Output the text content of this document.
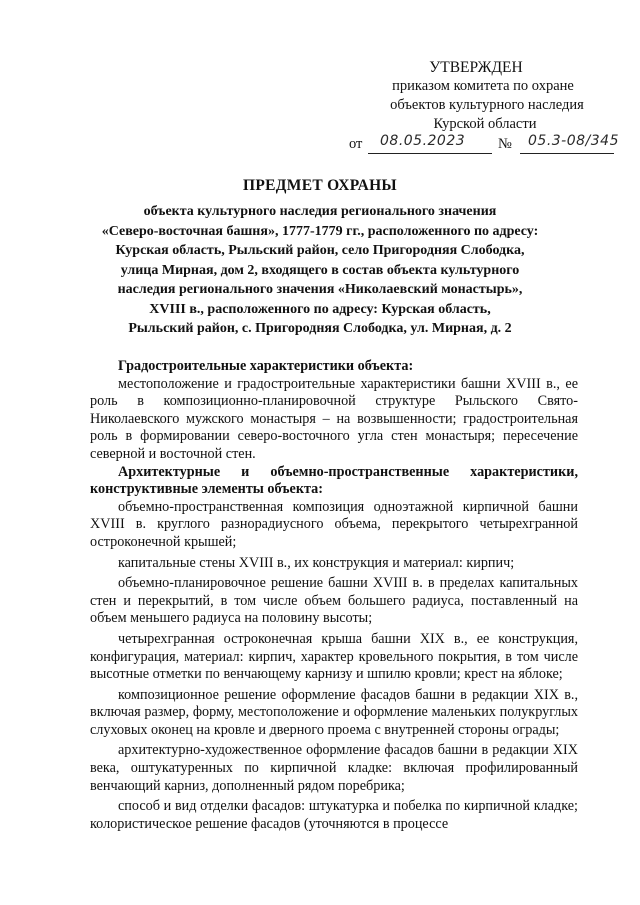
УТВЕРЖДЕН
приказом комитета по охране
объектов культурного наследия
Курской области
от 08.05.2023 № 05.3-08/345
ПРЕДМЕТ ОХРАНЫ
объекта культурного наследия регионального значения
«Северо-восточная башня», 1777-1779 гг., расположенного по адресу:
Курская область, Рыльский район, село Пригородняя Слободка,
улица Мирная, дом 2, входящего в состав объекта культурного
наследия регионального значения «Николаевский монастырь»,
XVIII в., расположенного по адресу: Курская область,
Рыльский район, с. Пригородняя Слободка, ул. Мирная, д. 2

Градостроительные характеристики объекта:

местоположение и градостроительные характеристики башни XVIII в., ее роль в композиционно-планировочной структуре Рыльского Свято-Николаевского мужского монастыря – на возвышенности; градостроительная роль в формировании северо-восточного угла стен монастыря; пересечение северной и восточной стен.

Архитектурные и объемно-пространственные характеристики, конструктивные элементы объекта:

объемно-пространственная композиция одноэтажной кирпичной башни XVIII в. круглого разнорадиусного объема, перекрытого четырехгранной остроконечной крышей;

капитальные стены XVIII в., их конструкция и материал: кирпич;

объемно-планировочное решение башни XVIII в. в пределах капитальных стен и перекрытий, в том числе объем большего радиуса, поставленный на объем меньшего радиуса на половину высоты;

четырехгранная остроконечная крыша башни XIX в., ее конструкция, конфигурация, материал: кирпич, характер кровельного покрытия, в том числе высотные отметки по венчающему карнизу и шпилю кровли; крест на яблоке;

композиционное решение оформление фасадов башни в редакции XIX в., включая размер, форму, местоположение и оформление маленьких полукруглых слуховых оконец на кровле и дверного проема с внутренней стороны ограды;

архитектурно-художественное оформление фасадов башни в редакции XIX века, оштукатуренных по кирпичной кладке: включая профилированный венчающий карниз, дополненный рядом поребрика;

способ и вид отделки фасадов: штукатурка и побелка по кирпичной кладке; колористическое решение фасадов (уточняются в процессе
